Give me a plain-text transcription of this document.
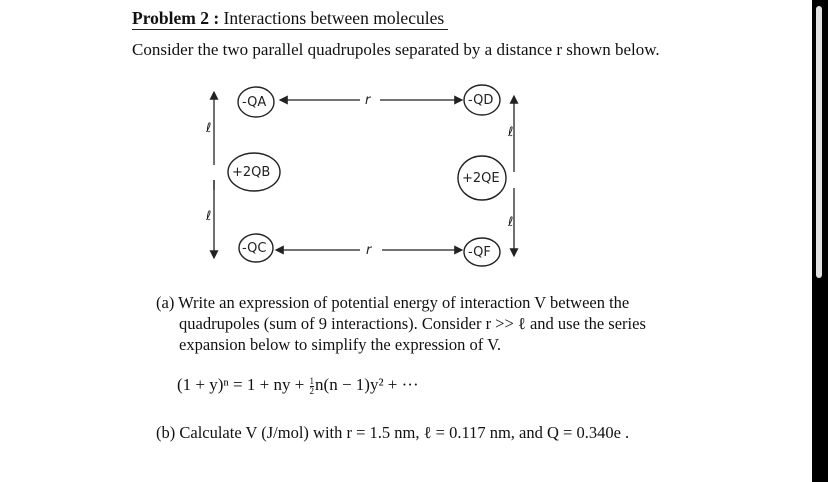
Problem 2 : Interactions between molecules
Consider the two parallel quadrupoles separated by a distance r shown below.
-QA
+2QB
-QC
-QD
+2QE
-QF
r
r
ℓ
ℓ
ℓ
ℓ
(a) Write an expression of potential energy of interaction V between the
quadrupoles (sum of 9 interactions). Consider r >> ℓ and use the series
expansion below to simplify the expression of V.
(1 + y)ⁿ = 1 + ny + $\frac{1}{2} n(n - 1)y^2$ + ···
(b) Calculate V (J/mol) with r = 1.5 nm, ℓ = 0.117 nm, and Q = 0.340e .
